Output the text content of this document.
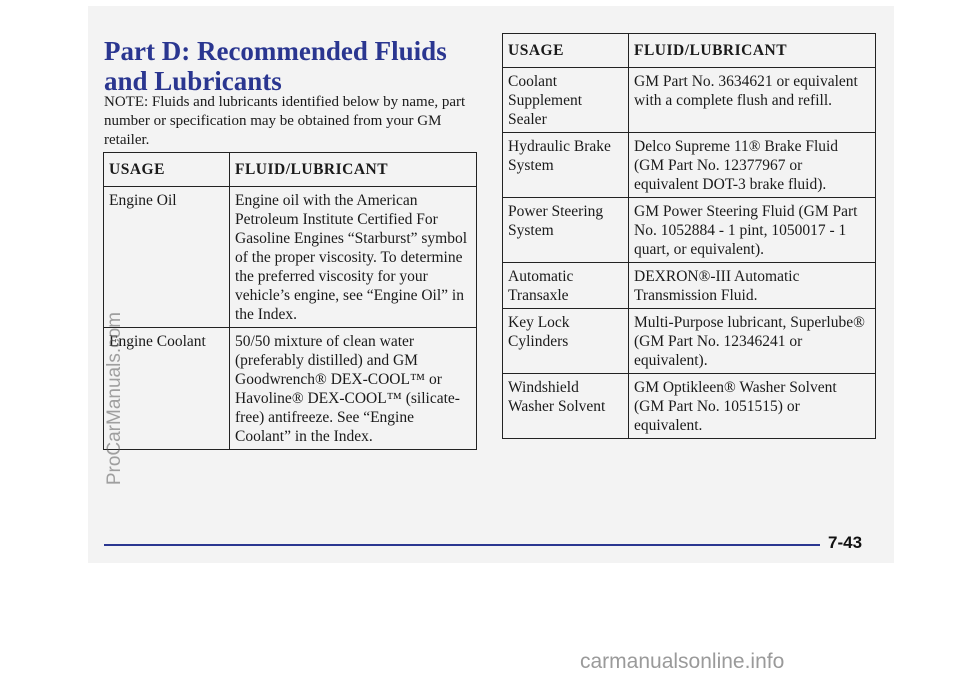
Part D: Recommended Fluids and Lubricants
NOTE: Fluids and lubricants identified below by name, part number or specification may be obtained from your GM retailer.
USAGE	FLUID/LUBRICANT
Engine Oil	Engine oil with the American Petroleum Institute Certified For Gasoline Engines “Starburst” symbol of the proper viscosity. To determine the preferred viscosity for your vehicle’s engine, see “Engine Oil” in the Index.
Engine Coolant	50/50 mixture of clean water (preferably distilled) and GM Goodwrench® DEX-COOL™ or Havoline® DEX-COOL™ (silicate-free) antifreeze. See “Engine Coolant” in the Index.
USAGE	FLUID/LUBRICANT
Coolant Supplement Sealer	GM Part No. 3634621 or equivalent with a complete flush and refill.
Hydraulic Brake System	Delco Supreme 11® Brake Fluid (GM Part No. 12377967 or equivalent DOT-3 brake fluid).
Power Steering System	GM Power Steering Fluid (GM Part No. 1052884 - 1 pint, 1050017 - 1 quart, or equivalent).
Automatic Transaxle	DEXRON®-III Automatic Transmission Fluid.
Key Lock Cylinders	Multi-Purpose lubricant, Superlube® (GM Part No. 12346241 or equivalent).
Windshield Washer Solvent	GM Optikleen® Washer Solvent (GM Part No. 1051515) or equivalent.
7-43
ProCarManuals.com
carmanualsonline.info
